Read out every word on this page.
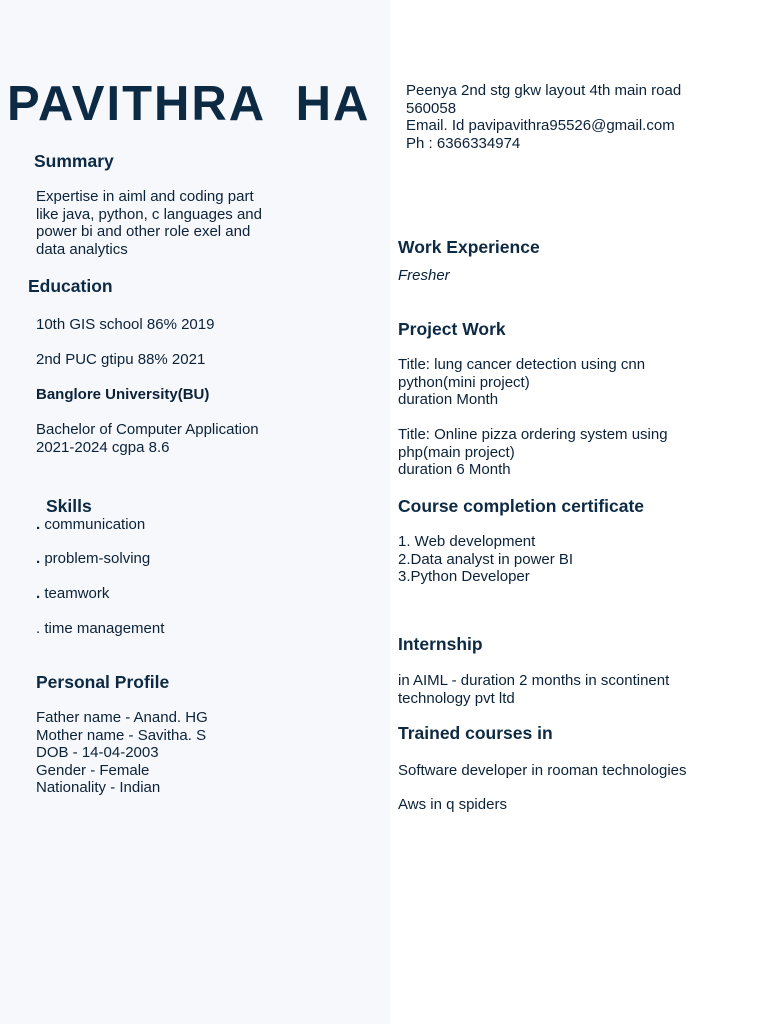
PAVITHRA  HA Peenya 2nd stg gkw layout 4th main road
560058
Email. Id pavipavithra95526@gmail.com
Ph : 6366334974
Summary
Expertise in aiml and coding part
like java, python, c languages and
power bi and other role exel and
data analytics
Education
10th GIS school 86% 2019
2nd PUC gtipu 88% 2021
Banglore University(BU)
Bachelor of Computer Application
2021-2024 cgpa 8.6
Skills
. communication
. problem-solving
. teamwork
. time management
Personal Profile
Father name - Anand. HG
Mother name - Savitha. S
DOB - 14-04-2003
Gender - Female
Nationality - Indian
Work Experience
Fresher
Project Work
Title: lung cancer detection using cnn
python(mini project)
duration Month
Title: Online pizza ordering system using
php(main project)
duration 6 Month
Course completion certificate
1. Web development
2.Data analyst in power BI
3.Python Developer
Internship
in AIML - duration 2 months in scontinent
technology pvt ltd
Trained courses in
Software developer in rooman technologies
Aws in q spiders
